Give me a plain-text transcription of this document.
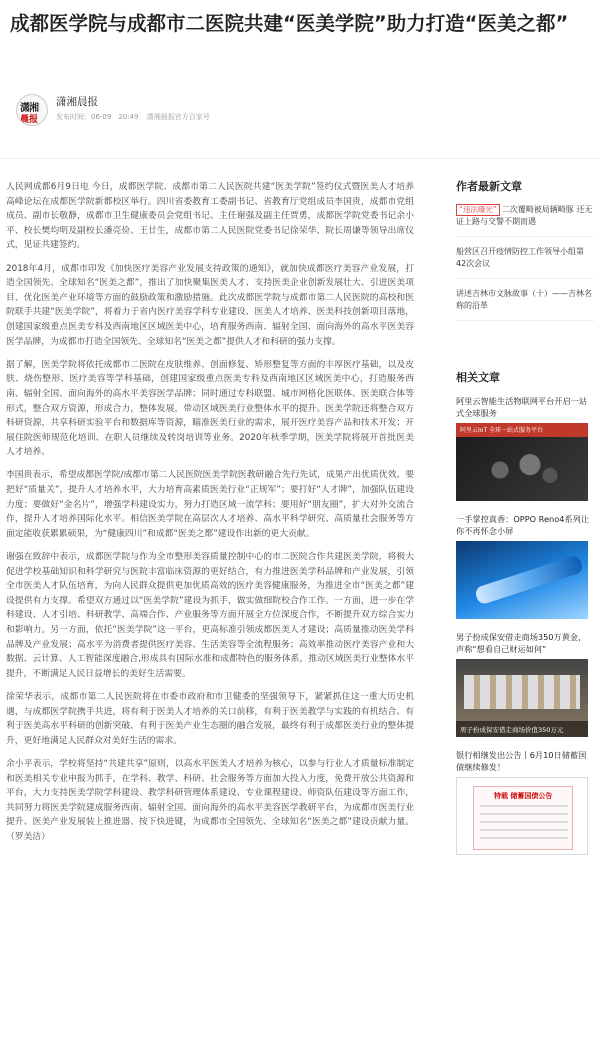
成都医学院与成都市二医院共建“医美学院”助力打造“医美之都”
潇湘
晨报
潇湘晨报
发布时间：06-09　20:49 潇湘晨报官方百家号

人民网成都6月9日电 今日，成都医学院、成都市第二人民医院共建“医美学院”签约仪式暨医美人才培养高峰论坛在成都医学院新都校区举行。四川省委教育工委副书记、省教育厅党组成员李国贵，成都市党组成员、副市长敬静，成都市卫生健康委员会党组书记、主任谢强及副主任贾勇，成都医学院党委书记余小平、校长樊均明及副校长潘亮俭、王廿生，成都市第二人民医院党委书记徐荣华、院长周谦等领导出席仪式，见证共建签约。

2018年4月，成都市印发《加快医疗美容产业发展支持政策的通知》，就加快成都医疗美容产业发展，打造全国领先、全球知名“医美之都”，推出了加快聚集医美人才、支持医美企业创新发展壮大、引进医美项目、优化医美产业环境等方面的鼓励政策和激励措施。此次成都医学院与成都市第二人民医院的高校和医院联手共建“医美学院”，将着力于省内医疗美容学科专业建设、医美人才培养、医美科技创新项目落地，创建国家级重点医美专科及西南地区区域医美中心，培育服务西南、辐射全国、面向海外的高水平医美容医学品牌，为成都市打造全国领先、全球知名“医美之都”提供人才和科研的强力支撑。

据了解，医美学院将依托成都市二医院在皮肤维养、创面修复、矫形整复等方面的丰厚医疗基础，以及皮肤、烧伤整形、医疗美容等学科基础，创建国家级重点医美专科及西南地区区域医美中心，打造服务西南、辐射全国、面向海外的高水平美容医学品牌；同时通过专科联盟、城市网格化医联体、医美联合体等形式，整合双方资源，形成合力，整体发展，带动区域医美行业整体水平的提升。医美学院还将整合双方科研资源，共享科研实验平台和数据库等资源，瞄准医美行业的需求，展开医疗美容产品和技术开发；开展住院医师规范化培训、在职人员继续及转岗培训等业务。2020年秋季学期，医美学院将展开首批医美人才培养。

李国贵表示，希望成都医学院/成都市第二人民医院医美学院医教研融合先行先试，成果产出优质优效。要把好“质量关”，提升人才培养水平，大力培育高素质医美行业“正规军”；要打好“人才牌”，加强队伍建设力度；要做好“金名片”，增强学科建设实力，努力打造区域一流学科；要用好“朋友圈”，扩大对外交流合作，提升人才培养国际化水平。相信医美学院在高层次人才培养、高水平科学研究、高质量社会服务等方面定能收获累累硕果，为“健康四川”和成都“医美之都”建设作出新的更大贡献。

谢强在致辞中表示，成都医学院与作为全市整形美容质量控制中心的市二医院合作共建医美学院，将极大促进学校基础知识和科学研究与医院丰富临床资源的更好结合，有力推进医美学科品牌和产业发展，引领全市医美人才队伍培育，为向人民群众提供更加优质高效的医疗美容健康服务，为推进全市“医美之都”建设提供有力支撑。希望双方通过以“医美学院”建设为抓手，做实做细院校合作工作。一方面，进一步在学科建设、人才引培、科研教学、高端合作、产业服务等方面开展全方位深度合作，不断提升双方综合实力和影响力。另一方面，依托“医美学院”这一平台，更高标准引领成都医美人才建设；高质量推动医美学科品牌及产业发展；高水平为消费者提供医疗美容、生活美容等全流程服务；高效率推动医疗美容产业和大数据、云计算、人工智能深度融合,形成具有国际水准和成都特色的服务体系，推动区域医美行业整体水平提升，不断满足人民日益增长的美好生活需要。

徐荣华表示，成都市第二人民医院将在市委市政府和市卫健委的坚强领导下，紧紧抓住这一重大历史机遇，与成都医学院携手共进，将有利于医美人才培养的关口前移，有利于医美教学与实践的有机结合、有利于医美高水平科研的创新突破、有利于医美产业生态圈的融合发展，最终有利于成都医美行业的整体提升，更好地满足人民群众对美好生活的需求。

余小平表示，学校将坚持“共建共享”原则，以高水平医美人才培养为核心，以参与行业人才质量标准制定和医美相关专业申报为抓手，在学科、教学、科研、社会服务等方面加大投入力度，免费开放公共资源和平台，大力支持医美学院学科建设、教学科研管理体系建设、专业课程建设、师资队伍建设等方面工作，共同努力将医美学院建成服务西南、辐射全国、面向海外的高水平美容医学教研平台，为成都市医美行业提升、医美产业发展装上推进器、按下快进键，为成都市全国领先、全球知名“医美之都”建设贡献力量。（罗美洁）

作者最新文章
“违法曝光” 二次覆畸被局辆畸豚 还无证上路与交警不期而遇
船营区召开疫情防控工作领导小组第42次会议
讲述吉林市文脉故事（十）——吉林名称的沿革
相关文章
阿里云智能生活物联网平台开启一站式全球服务
阿里云IoT 全球一站式服务平台
一手掌控真香：OPPO Reno4系列让你不再怀念小屏
男子扮成保安借走商场350万黄金，声称“想看自己财运如何”
男子扮成保安借走商场价值350万元
银行相继发出公告丨6月10日储蓄国债继续修发！
特载 储蓄国债公告
